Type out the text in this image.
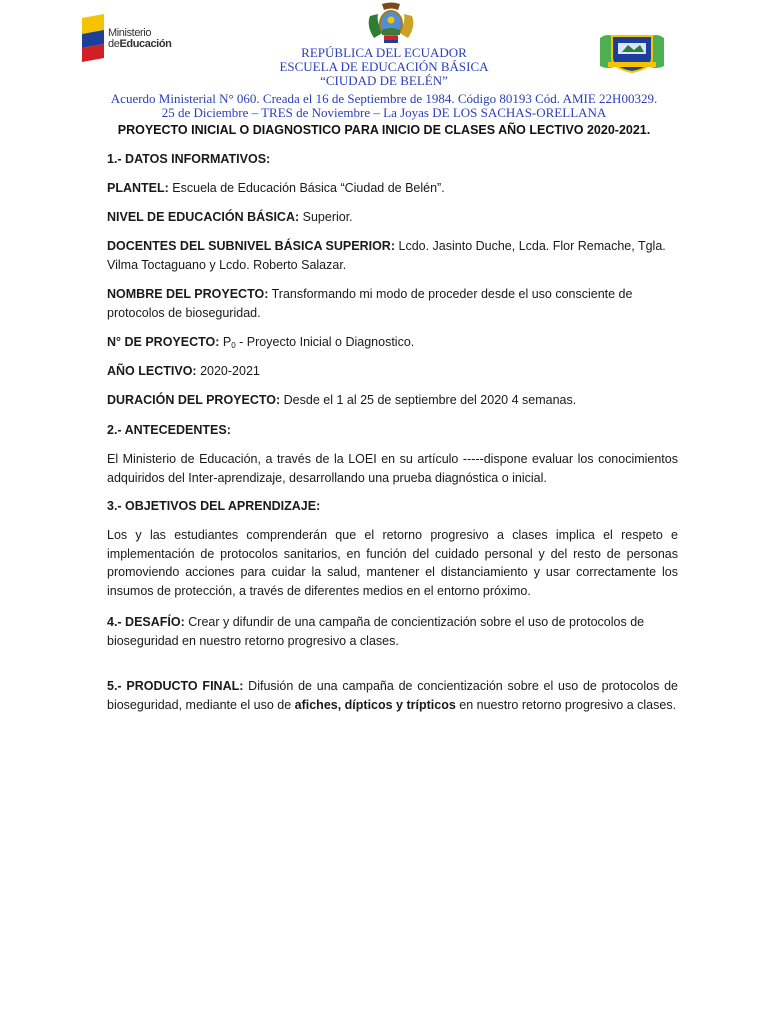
Ministerio
deEducación
REPÚBLICA DEL ECUADOR
ESCUELA DE EDUCACIÓN BÁSICA
“CIUDAD DE BELÉN”
Acuerdo Ministerial N° 060. Creada el 16 de Septiembre de 1984. Código 80193 Cód. AMIE 22H00329.
25 de Diciembre – TRES de Noviembre – La Joyas DE LOS SACHAS-ORELLANA
PROYECTO INICIAL O DIAGNOSTICO PARA INICIO DE CLASES AÑO LECTIVO 2020-2021.
1.- DATOS INFORMATIVOS:
PLANTEL: Escuela de Educación Básica “Ciudad de Belén”.
NIVEL DE EDUCACIÓN BÁSICA: Superior.
DOCENTES DEL SUBNIVEL BÁSICA SUPERIOR: Lcdo. Jasinto Duche, Lcda. Flor Remache, Tgla. Vilma Toctaguano y Lcdo. Roberto Salazar.
NOMBRE DEL PROYECTO: Transformando mi modo de proceder desde el uso consciente de protocolos de bioseguridad.
N° DE PROYECTO: $P_0$ - Proyecto Inicial o Diagnostico.
AÑO LECTIVO: 2020-2021
DURACIÓN DEL PROYECTO: Desde el 1 al 25 de septiembre del 2020 4 semanas.
2.- ANTECEDENTES:
El Ministerio de Educación, a través de la LOEI en su artículo -----dispone evaluar los conocimientos adquiridos del Inter-aprendizaje, desarrollando una prueba diagnóstica o inicial.
3.- OBJETIVOS DEL APRENDIZAJE:
Los y las estudiantes comprenderán que el retorno progresivo a clases implica el respeto e implementación de protocolos sanitarios, en función del cuidado personal y del resto de personas promoviendo acciones para cuidar la salud, mantener el distanciamiento y usar correctamente los insumos de protección, a través de diferentes medios en el entorno próximo.
4.- DESAFÍO: Crear y difundir de una campaña de concientización sobre el uso de protocolos de bioseguridad en nuestro retorno progresivo a clases.
5.- PRODUCTO FINAL: Difusión de una campaña de concientización sobre el uso de protocolos de bioseguridad, mediante el uso de afiches, dípticos y trípticos en nuestro retorno progresivo a clases.
